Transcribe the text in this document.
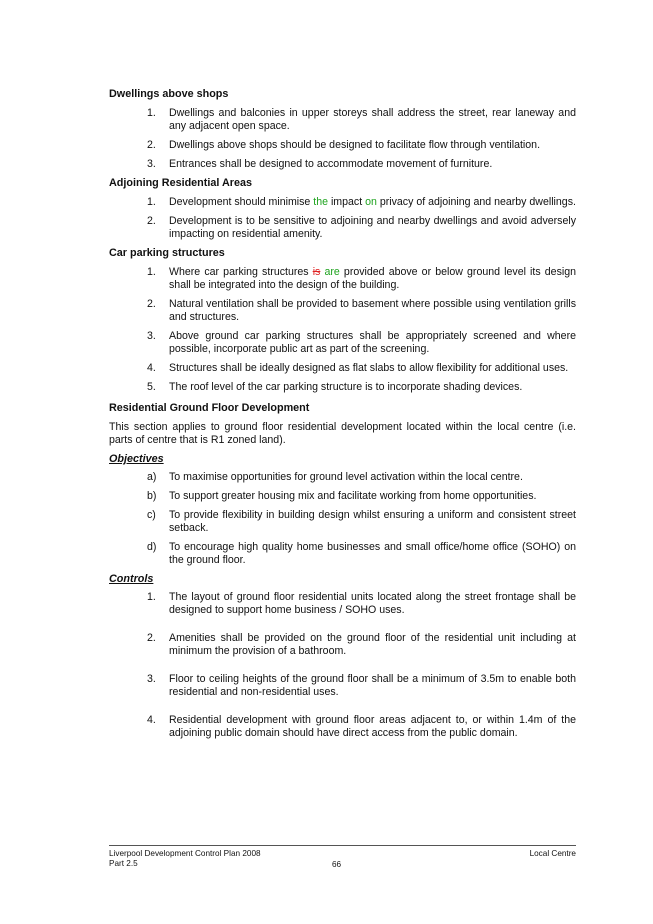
Dwellings above shops
1.	Dwellings and balconies in upper storeys shall address the street, rear laneway and any adjacent open space.
2.	Dwellings above shops should be designed to facilitate flow through ventilation.
3.	Entrances shall be designed to accommodate movement of furniture.
Adjoining Residential Areas
1.	Development should minimise the impact on privacy of adjoining and nearby dwellings.
2.	Development is to be sensitive to adjoining and nearby dwellings and avoid adversely impacting on residential amenity.
Car parking structures
1.	Where car parking structures is are provided above or below ground level its design shall be integrated into the design of the building.
2.	Natural ventilation shall be provided to basement where possible using ventilation grills and structures.
3.	Above ground car parking structures shall be appropriately screened and where possible, incorporate public art as part of the screening.
4.	Structures shall be ideally designed as flat slabs to allow flexibility for additional uses.
5.	The roof level of the car parking structure is to incorporate shading devices.
Residential Ground Floor Development

This section applies to ground floor residential development located within the local centre (i.e. parts of centre that is R1 zoned land).

Objectives
a)	To maximise opportunities for ground level activation within the local centre.
b)	To support greater housing mix and facilitate working from home opportunities.
c)	To provide flexibility in building design whilst ensuring a uniform and consistent street setback.
d)	To encourage high quality home businesses and small office/home office (SOHO) on the ground floor.
Controls
1.	The layout of ground floor residential units located along the street frontage shall be designed to support home business / SOHO uses.
2.	Amenities shall be provided on the ground floor of the residential unit including at minimum the provision of a bathroom.
3.	Floor to ceiling heights of the ground floor shall be a minimum of 3.5m to enable both residential and non-residential uses.
4.	Residential development with ground floor areas adjacent to, or within 1.4m of the adjoining public domain should have direct access from the public domain.
Liverpool Development Control Plan 2008
Part 2.5	66
Local Centre
